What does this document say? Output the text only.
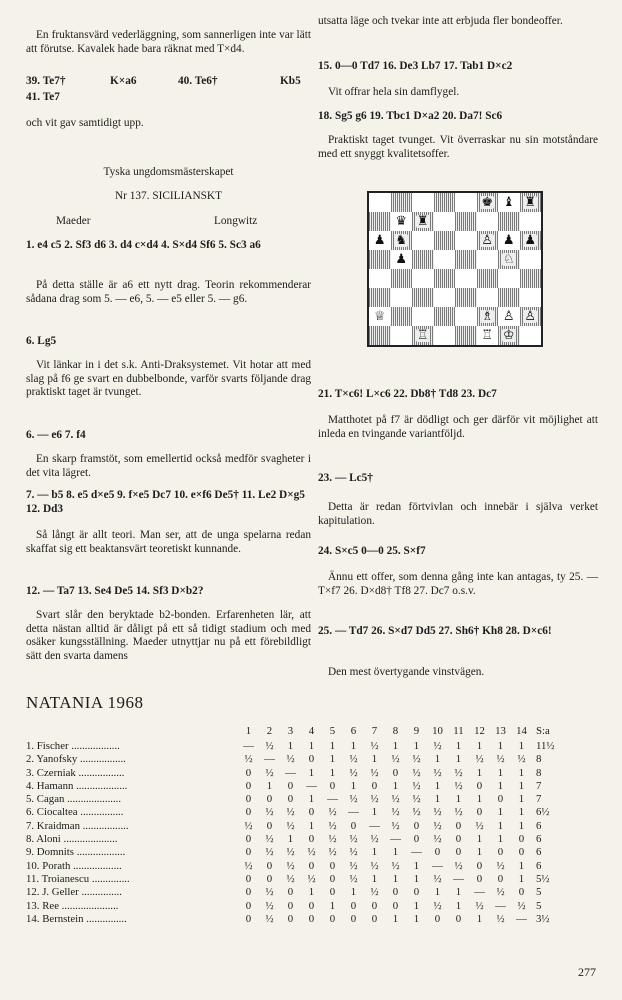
En fruktansvärd vederläggning, som sannerligen inte var lätt att förutse. Kavalek hade bara räknat med T×d4.

39. Te7†	K×a6	40. Te6†	Kb5

41. Te7

och vit gav samtidigt upp.

Tyska ungdomsmästerskapet

Nr 137. SICILIANSKT

Maeder	Longwitz

1. e4 c5 2. Sf3 d6 3. d4 c×d4 4. S×d4 Sf6 5. Sc3 a6

På detta ställe är a6 ett nytt drag. Teorin rekommenderar sådana drag som 5. — e6, 5. — e5 eller 5. — g6.

6. Lg5

Vit länkar in i det s.k. Anti-Draksystemet. Vit hotar att med slag på f6 ge svart en dubbelbonde, varför svarts följande drag praktiskt taget är tvunget.

6. — e6 7. f4

En skarp framstöt, som emellertid också medför svagheter i det vita lägret.

7. — b5 8. e5 d×e5 9. f×e5 Dc7 10. e×f6 De5† 11. Le2 D×g5 12. Dd3

Så långt är allt teori. Man ser, att de unga spelarna redan skaffat sig ett beaktansvärt teoretiskt kunnande.

12. — Ta7 13. Se4 De5 14. Sf3 D×b2?

Svart slår den beryktade b2-bonden. Erfarenheten lär, att detta nästan alltid är dåligt på ett så tidigt stadium och med osäker kungsställning. Maeder utnyttjar nu på ett förebildligt sätt den svarta damens

utsatta läge och tvekar inte att erbjuda fler bondeoffer.

15. 0—0 Td7 16. De3 Lb7 17. Tab1 D×c2

Vit offrar hela sin damflygel.

18. Sg5 g6 19. Tbc1 D×a2 20. Da7! Sc6

Praktiskt taget tvunget. Vit överraskar nu sin motståndare med ett snyggt kvalitetsoffer.

♚ ♝ ♜
♛ ♜
♟ ♞	♙ ♟ ♟
♟	♘
♕	♗ ♙ ♙
♖	♖ ♔

21. T×c6! L×c6 22. Db8† Td8 23. Dc7

Matthotet på f7 är dödligt och ger därför vit möjlighet att inleda en tvingande variantföljd.

23. — Lc5†

Detta är redan förtvivlan och innebär i själva verket kapitulation.

24. S×c5 0—0 25. S×f7

Ännu ett offer, som denna gång inte kan antagas, ty 25. — T×f7 26. D×d8† Tf8 27. Dc7 o.s.v.

25. — Td7 26. S×d7 Dd5 27. Sh6† Kh8 28. D×c6!

Den mest övertygande vinstvägen.

NATANIA 1968
	1	2	3	4	5	6	7	8	9	10	11	12	13	14	S:a
1. Fischer ..................	—	½	1	1	1	1	½	1	1	½	1	1	1	1	11½
2. Yanofsky .................	½	—	½	0	1	½	1	½	½	1	1	½	½	½	8
3. Czerniak .................	0	½	—	1	1	½	½	0	½	½	½	1	1	1	8
4. Hamann ...................	0	1	0	—	0	1	0	1	½	1	½	0	1	1	7
5. Cagan ....................	0	0	0	1	—	½	½	½	½	1	1	1	0	1	7
6. Ciocaltea ................	0	½	½	0	½	—	1	½	½	½	½	0	1	1	6½
7. Kraidman .................	½	0	½	1	½	0	—	½	0	½	0	½	1	1	6
8. Aloni ....................	0	½	1	0	½	½	½	—	0	½	0	1	1	0	6
9. Domnits ..................	0	½	½	½	½	½	1	1	—	0	0	1	0	0	6
10. Porath ..................	½	0	½	0	0	½	½	½	1	—	½	0	½	1	6
11. Troianescu ..............	0	0	½	½	0	½	1	1	1	½	—	0	0	1	5½
12. J. Geller ...............	0	½	0	1	0	1	½	0	0	1	1	—	½	0	5
13. Ree .....................	0	½	0	0	1	0	0	0	1	½	1	½	—	½	5
14. Bernstein ...............	0	½	0	0	0	0	0	1	1	0	0	1	½	—	3½
277
